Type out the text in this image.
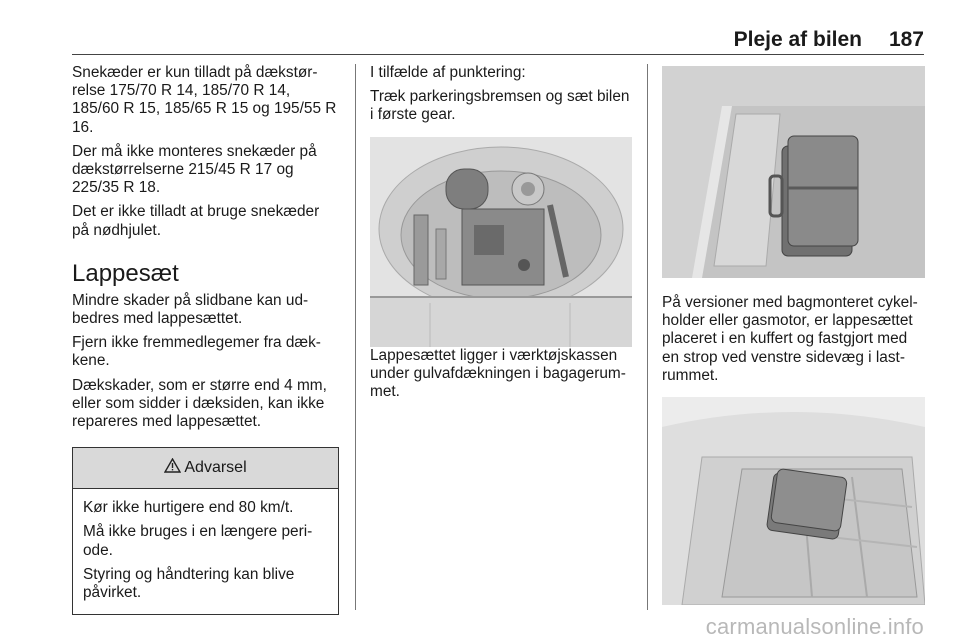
Pleje af bilen 187

Snekæder er kun tilladt på dækstørrelse 175/70 R 14, 185/70 R 14, 185/60 R 15, 185/65 R 15 og 195/55 R 16.

Der må ikke monteres snekæder på dækstørrelserne 215/45 R 17 og 225/35 R 18.

Det er ikke tilladt at bruge snekæder på nødhjulet.

Lappesæt

Mindre skader på slidbane kan udbedres med lappesættet.

Fjern ikke fremmedlegemer fra dækkene.

Dækskader, som er større end 4 mm, eller som sidder i dæksiden, kan ikke repareres med lappesættet.

Advarsel

Kør ikke hurtigere end 80 km/t.

Må ikke bruges i en længere periode.

Styring og håndtering kan blive påvirket.

I tilfælde af punktering:

Træk parkeringsbremsen og sæt bilen i første gear.

Lappesættet ligger i værktøjskassen under gulvafdækningen i bagagerummet.

På versioner med bagmonteret cykelholder eller gasmotor, er lappesættet placeret i en kuffert og fastgjort med en strop ved venstre sidevæg i lastrummet.

carmanualsonline.info
